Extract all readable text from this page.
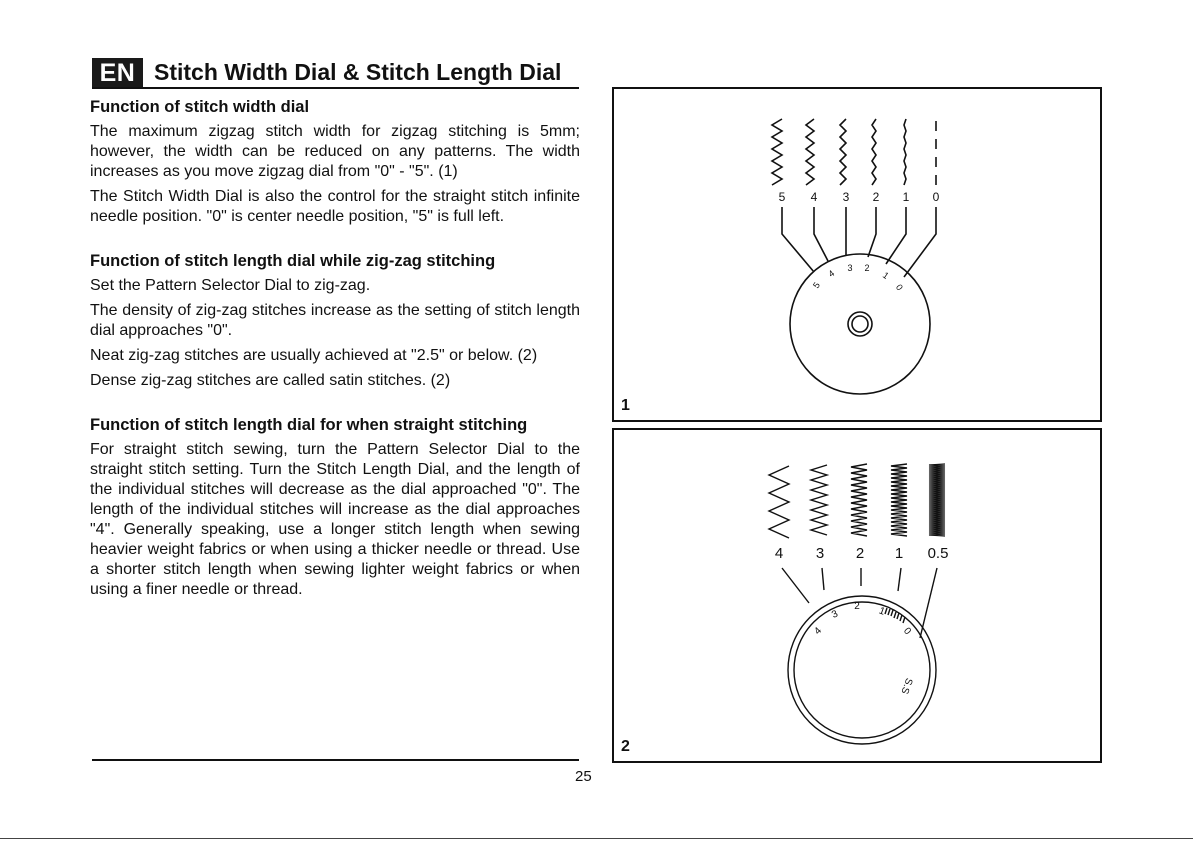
EN Stitch Width Dial & Stitch Length Dial
Function of stitch width dial

The maximum zigzag stitch width for zigzag stitching is 5mm; however, the width can be reduced on any patterns. The width increases as you move zigzag dial from "0" - "5". (1)

The Stitch Width Dial is also the control for the straight stitch infinite needle position. "0" is center needle position, "5" is full left.

Function of stitch length dial while zig-zag stitching

Set the Pattern Selector Dial to zig-zag.

The density of zig-zag stitches increase as the setting of stitch length dial approaches "0".

Neat zig-zag stitches are usually achieved at "2.5" or below. (2)

Dense zig-zag stitches are called satin stitches. (2)

Function of stitch length dial for when straight stitching

For straight stitch sewing, turn the Pattern Selector Dial to the straight stitch setting. Turn the Stitch Length Dial, and the length of the individual stitches will decrease as the dial approached "0". The length of the individual stitches will increase as the dial approaches "4". Generally speaking, use a longer stitch length when sewing heavier weight fabrics or when using a thicker needle or thread. Use a shorter stitch length when sewing lighter weight fabrics or when using a finer needle or thread.

25
5 4 3 2 1 0
5
4
3 2
1
0
1
4 3 2 1 0.5
4
3
2 1
0
S.S
2
